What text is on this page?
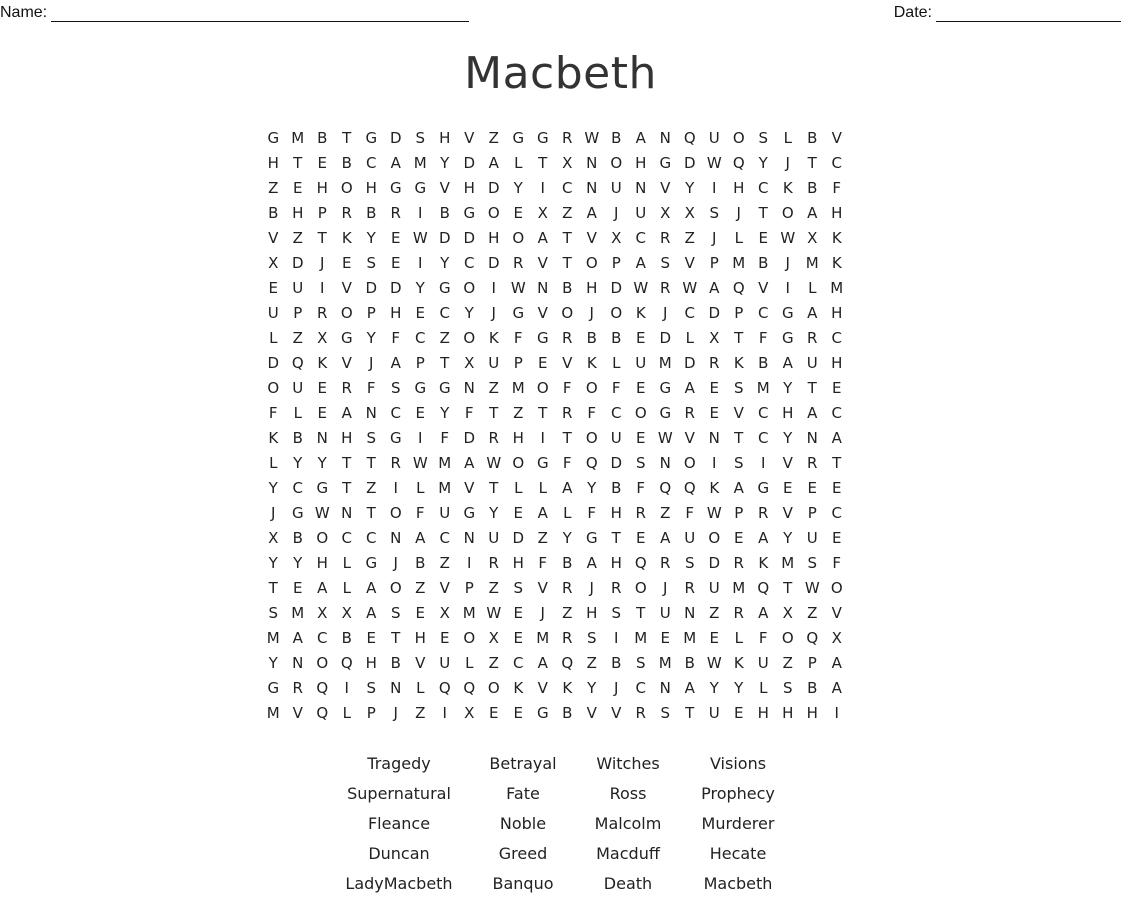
Name:	Date:
Macbeth
G M B T G D S H V Z G G R W B A N Q U O S	L	B V
H T	E B C A M Y D A	L	T X N O H G D W Q Y	J	T C
Z E H O H G G V H D Y	I	C N U N V Y	I	H C K B	F
B H P R B R	I	B G O E X Z A	J	U X X S	J	T O A H
V Z T	K Y	E W D D H O A T V X C R Z	J	L	E W X K
X D	J	E	S E	I	Y C D R V T O P A S V P M B	J	M K
E U	I	V D D Y G O	I W N B H D W R W A Q V	I	L M
U P R O P H E C Y	J	G V O	J	O K	J	C D P C G A H
L	Z X G Y	F C Z O K	F G R B B E D L	X T	F G R C
D Q K V	J	A P	T X U P	E V K	L U M D R K B A U H
O U E R F	S G G N Z M O F O F	E G A E	S M Y	T	E
F	L	E A N C E	Y	F	T Z T R F C O G R E V C H A C
K B N H S G	I	F D R H	I	T O U E W V N T C Y N A
L	Y	Y	T	T R W M A W O G F Q D S N O	I	S	I	V R T
Y C G T Z	I	L M V T	L	L	A Y B	F Q Q K A G E	E	E
J	G W N T O F U G Y	E A	L	F H R Z	F W P R V P C
X B O C C N A C N U D Z Y G T	E A U O E A Y U E
Y	Y H L G	J	B Z	I	R H F	B A H Q R S D R K M S	F
T	E A	L	A O Z V P Z S V R	J	R O	J	R U M Q T W O
S M X X A S E X M W E	J	Z H S	T U N Z R A X Z V
M A C B E	T H E O X E M R S	I	M E M E	L	F O Q X
Y N O Q H B V U L	Z C A Q Z B S M B W K U Z P A
G R Q	I	S N L Q Q O K V K Y	J	C N A Y	Y	L	S B A
M V Q L	P	J	Z	I	X E	E G B V V R S	T U E H H H	I
Tragedy	Betrayal	Witches	Visions
Supernatural	Fate	Ross	Prophecy
Fleance	Noble	Malcolm	Murderer
Duncan	Greed	Macduff	Hecate
LadyMacbeth	Banquo	Death	Macbeth
